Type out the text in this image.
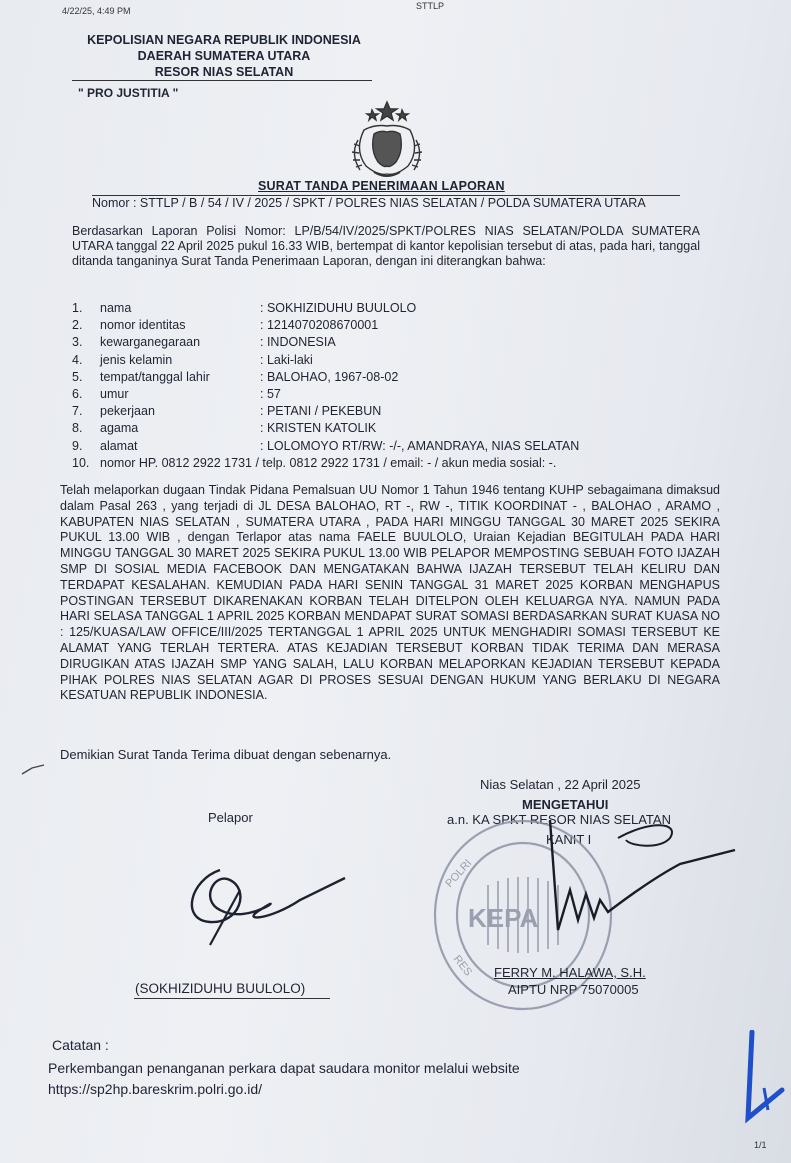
4/22/25, 4:49 PM	STTLP
KEPOLISIAN NEGARA REPUBLIK INDONESIA
DAERAH SUMATERA UTARA
RESOR NIAS SELATAN
" PRO JUSTITIA "
SURAT TANDA PENERIMAAN LAPORAN
Nomor : STTLP / B / 54 / IV / 2025 / SPKT / POLRES NIAS SELATAN / POLDA SUMATERA UTARA
Berdasarkan Laporan Polisi Nomor: LP/B/54/IV/2025/SPKT/POLRES NIAS SELATAN/POLDA SUMATERA UTARA tanggal 22 April 2025 pukul 16.33 WIB, bertempat di kantor kepolisian tersebut di atas, pada hari, tanggal ditanda tanganinya Surat Tanda Penerimaan Laporan, dengan ini diterangkan bahwa:
1. nama	: SOKHIZIDUHU BUULOLO
2. nomor identitas	: 1214070208670001
3. kewarganegaraan	: INDONESIA
4. jenis kelamin	: Laki-laki
5. tempat/tanggal lahir	: BALOHAO, 1967-08-02
6. umur	: 57
7. pekerjaan	: PETANI / PEKEBUN
8. agama	: KRISTEN KATOLIK
9. alamat	: LOLOMOYO RT/RW: -/-, AMANDRAYA, NIAS SELATAN
10. nomor HP. 0812 2922 1731 / telp. 0812 2922 1731 / email: - / akun media sosial: -.
Telah melaporkan dugaan Tindak Pidana Pemalsuan UU Nomor 1 Tahun 1946 tentang KUHP sebagaimana dimaksud dalam Pasal 263 , yang terjadi di JL DESA BALOHAO, RT -, RW -, TITIK KOORDINAT - , BALOHAO , ARAMO , KABUPATEN NIAS SELATAN , SUMATERA UTARA , PADA HARI MINGGU TANGGAL 30 MARET 2025 SEKIRA PUKUL 13.00 WIB , dengan Terlapor atas nama FAELE BUULOLO, Uraian Kejadian BEGITULAH PADA HARI MINGGU TANGGAL 30 MARET 2025 SEKIRA PUKUL 13.00 WIB PELAPOR MEMPOSTING SEBUAH FOTO IJAZAH SMP DI SOSIAL MEDIA FACEBOOK DAN MENGATAKAN BAHWA IJAZAH TERSEBUT TELAH KELIRU DAN TERDAPAT KESALAHAN. KEMUDIAN PADA HARI SENIN TANGGAL 31 MARET 2025 KORBAN MENGHAPUS POSTINGAN TERSEBUT DIKARENAKAN KORBAN TELAH DITELPON OLEH KELUARGA NYA. NAMUN PADA HARI SELASA TANGGAL 1 APRIL 2025 KORBAN MENDAPAT SURAT SOMASI BERDASARKAN SURAT KUASA NO : 125/KUASA/LAW OFFICE/III/2025 TERTANGGAL 1 APRIL 2025 UNTUK MENGHADIRI SOMASI TERSEBUT KE ALAMAT YANG TERLAH TERTERA. ATAS KEJADIAN TERSEBUT KORBAN TIDAK TERIMA DAN MERASA DIRUGIKAN ATAS IJAZAH SMP YANG SALAH, LALU KORBAN MELAPORKAN KEJADIAN TERSEBUT KEPADA PIHAK POLRES NIAS SELATAN AGAR DI PROSES SESUAI DENGAN HUKUM YANG BERLAKU DI NEGARA KESATUAN REPUBLIK INDONESIA.
Demikian Surat Tanda Terima dibuat dengan sebenarnya.
Nias Selatan , 22 April 2025
MENGETAHUI
a.n. KA SPKT RESOR NIAS SELATAN
KANIT I
Pelapor
KEPA
POLRI
RES
(SOKHIZIDUHU BUULOLO)
FERRY M. HALAWA, S.H.
AIPTU NRP 75070005
Catatan :
Perkembangan penanganan perkara dapat saudara monitor melalui website
https://sp2hp.bareskrim.polri.go.id/
1/1
